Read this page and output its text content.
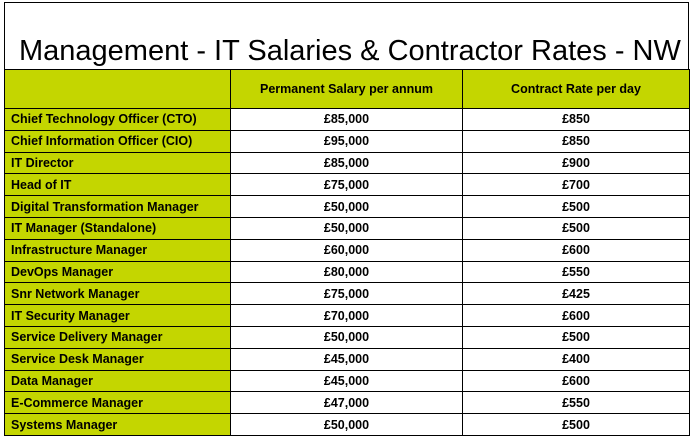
Management - IT Salaries & Contractor Rates - NW
	Permanent Salary per annum	Contract Rate per day
Chief Technology Officer (CTO)	£85,000	£850
Chief Information Officer (CIO)	£95,000	£850
IT Director	£85,000	£900
Head of IT	£75,000	£700
Digital Transformation Manager	£50,000	£500
IT Manager (Standalone)	£50,000	£500
Infrastructure Manager	£60,000	£600
DevOps Manager	£80,000	£550
Snr Network Manager	£75,000	£425
IT Security Manager	£70,000	£600
Service Delivery Manager	£50,000	£500
Service Desk Manager	£45,000	£400
Data Manager	£45,000	£600
E-Commerce Manager	£47,000	£550
Systems Manager	£50,000	£500
